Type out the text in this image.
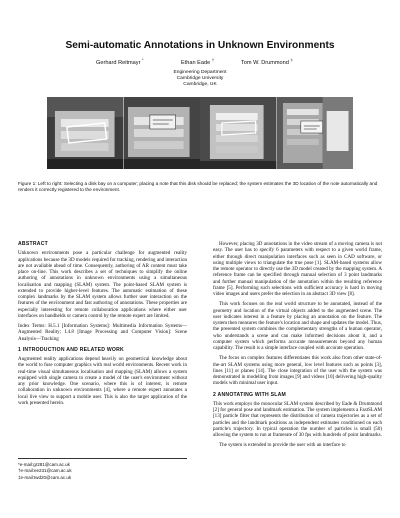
Semi-automatic Annotations in Unknown Environments
Gerhard Reitmayr *
Ethan Eade †
Tom W. Drummond ‡
Engineering Department
Cambridge University
Cambridge, UK
Figure 1: Left to right: Selecting a disk bay on a computer; placing a note that this disk should be replaced; the system estimates the 3D location of the note automatically and renders it correctly registered to the environment.
ABSTRACT

Unknown environments pose a particular challenge for augmented reality applications because the 3D models required for tracking, rendering and interaction are not available ahead of time. Consequently, authoring of AR content must take place on-line. This work describes a set of techniques to simplify the online authoring of annotations in unknown environments using a simultaneous localisation and mapping (SLAM) system. The point-based SLAM system is extended to provide higher-level features. The automatic estimation of these complex landmarks by the SLAM system allows further user interaction on the features of the environment and fast authoring of annotations. These properties are especially interesting for remote collaboration applications where either user interfaces on handhelds or camera control by the remote expert are limited.

Index Terms: H.5.1 [Information Systems]: Multimedia Information Systems—Augmented Reality; I.4.8 [Image Processing and Computer Vision]: Scene Analysis—Tracking

1 INTRODUCTION AND RELATED WORK

Augmented reality applications depend heavily on geometrical knowledge about the world to fuse computer graphics with real world environments. Recent work in real-time visual simultaneous localisation and mapping (SLAM) allows a system equipped with single camera to create a model of the user's environment without any prior knowledge. One scenario, where this is of interest, is remote collaboration in unknown environments [4], where a remote expert annotates a local live view to support a mobile user. This is also the target application of the work presented herein.

*e-mail:gr281@cam.ac.uk
†e-mail:ee231@cam.ac.uk
‡e-mail:twd20@cam.ac.uk

However, placing 3D annotations in the video stream of a moving camera is not easy. The user has to specify 6 parameters with respect to a given world frame, either through direct manipulation interfaces such as seen in CAD software, or using multiple views to triangulate the true pose [1]. SLAM-based systems allow the remote operator to directly use the 3D model created by the mapping system. A reference frame can be specified through manual selection of 3 point landmarks and further manual manipulation of the annotation within the resulting reference frame [5]. Performing such selections with sufficient accuracy is hard in moving video images and users prefer the selection in an abstract 3D view [8].

This work focuses on the real world structure to be annotated, instead of the geometry and location of the virtual objects added to the augmented scene. The user indicates interest in a feature by placing an annotation on the feature. The system then measures the feature's location and shape and updates the model. Thus, the presented system combines the complementary strengths of a human operator, who understands a scene and can make informed decisions about it, and a computer system which performs accurate measurements beyond any human capability. The result is a simple interface coupled with accurate operation.

The focus on complex features differentiates this work also from other state-of-the-art SLAM systems using more general, low level features such as points [3], lines [11] or planes [14]. The close integration of the user with the system was demonstrated in modelling from images [9] and videos [10] delivering high-quality models with minimal user input.

2 ANNOTATING WITH SLAM

This work employs the monocular SLAM system described by Eade & Drummond [2] for general pose and landmark estimation. The system implements a FastSLAM [13] particle filter that represents the distribution of camera trajectories as a set of particles and the landmark positions as independent estimates conditioned on each particle's trajectory. In typical operation the number of particles is small (50) allowing the system to run at framerate of 30 fps with hundreds of point landmarks.

The system is extended to provide the user with an interface to
